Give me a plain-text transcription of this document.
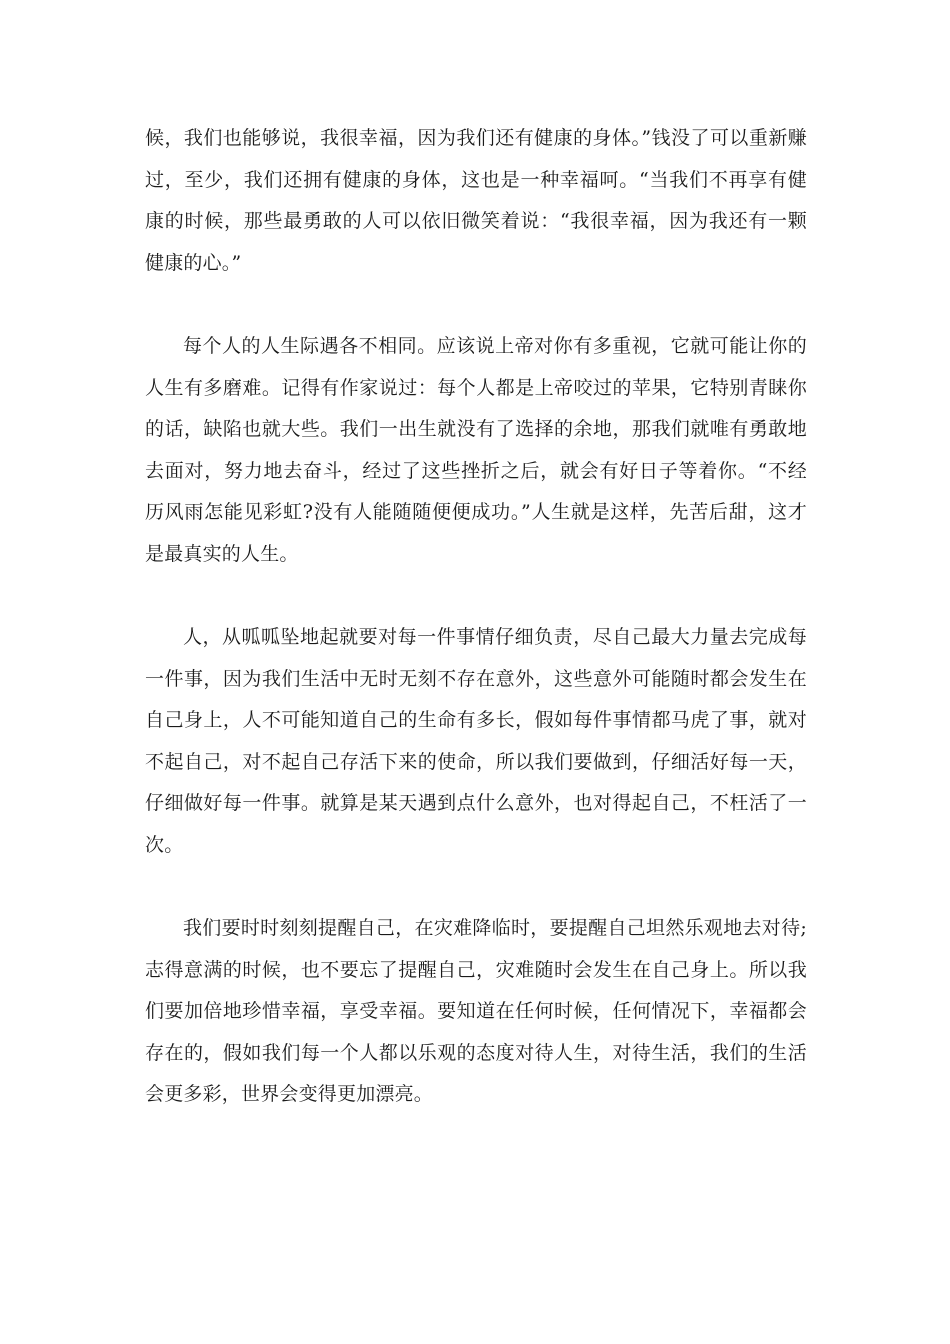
候，我们也能够说，我很幸福，因为我们还有健康的身体。”钱没了可以重新赚过，至少，我们还拥有健康的身体，这也是一种幸福呵。“当我们不再享有健康的时候，那些最勇敢的人可以依旧微笑着说：“我很幸福，因为我还有一颗健康的心。”

每个人的人生际遇各不相同。应该说上帝对你有多重视，它就可能让你的人生有多磨难。记得有作家说过：每个人都是上帝咬过的苹果，它特别青睐你的话，缺陷也就大些。我们一出生就没有了选择的余地，那我们就唯有勇敢地去面对，努力地去奋斗，经过了这些挫折之后，就会有好日子等着你。“不经历风雨怎能见彩虹?没有人能随随便便成功。”人生就是这样，先苦后甜，这才是最真实的人生。

人，从呱呱坠地起就要对每一件事情仔细负责，尽自己最大力量去完成每一件事，因为我们生活中无时无刻不存在意外，这些意外可能随时都会发生在自己身上，人不可能知道自己的生命有多长，假如每件事情都马虎了事，就对不起自己，对不起自己存活下来的使命，所以我们要做到，仔细活好每一天，仔细做好每一件事。就算是某天遇到点什么意外，也对得起自己，不枉活了一次。

我们要时时刻刻提醒自己，在灾难降临时，要提醒自己坦然乐观地去对待;志得意满的时候，也不要忘了提醒自己，灾难随时会发生在自己身上。所以我们要加倍地珍惜幸福，享受幸福。要知道在任何时候，任何情况下，幸福都会存在的，假如我们每一个人都以乐观的态度对待人生，对待生活，我们的生活会更多彩，世界会变得更加漂亮。
